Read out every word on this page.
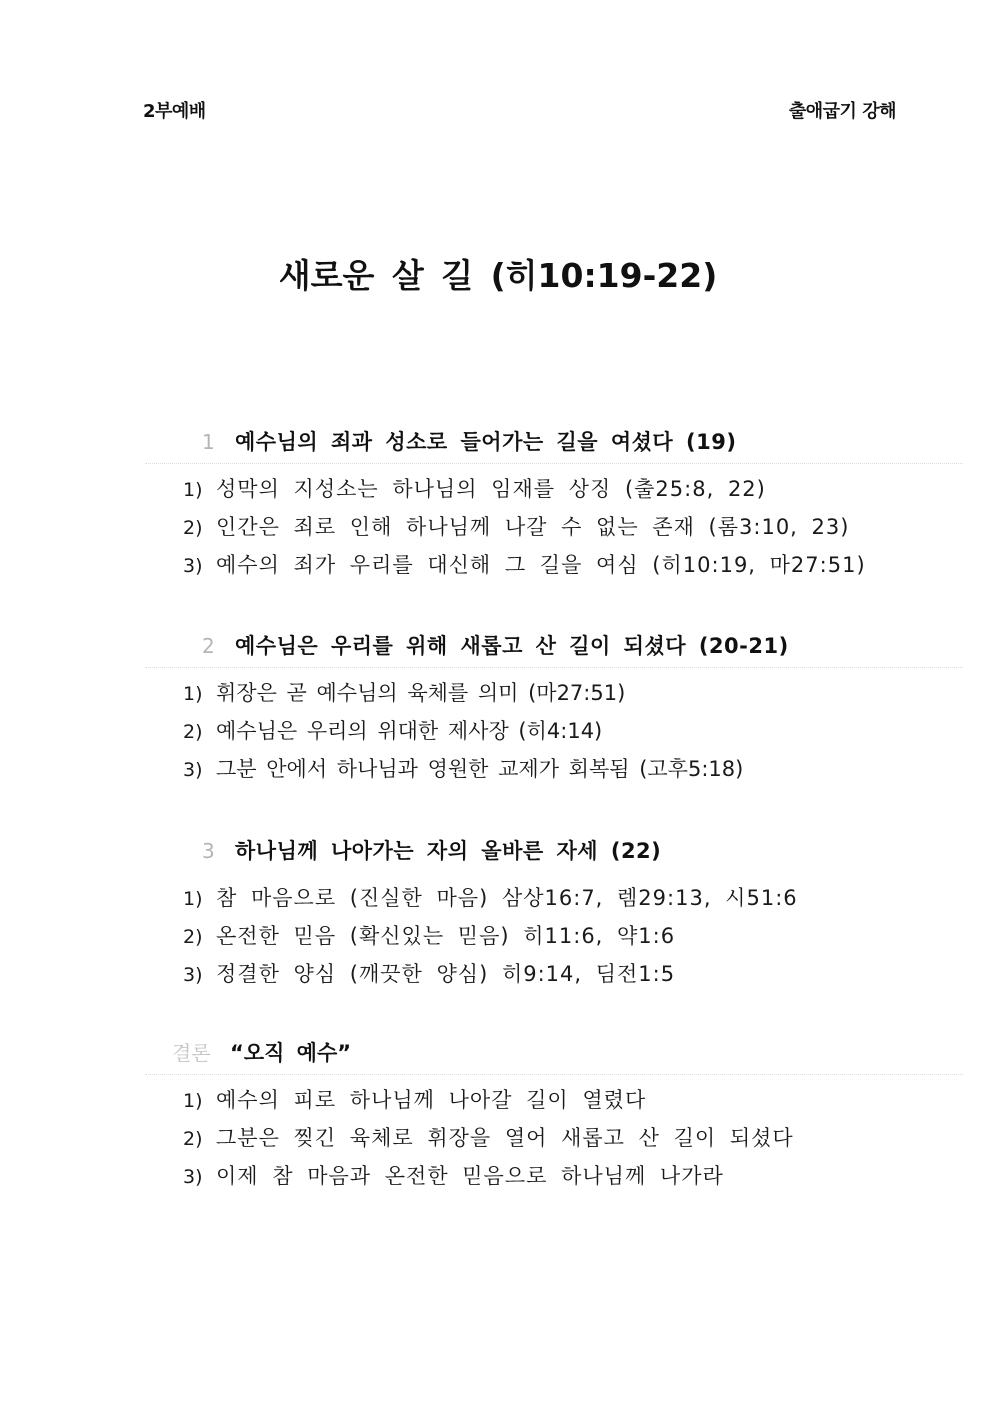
2부예배	출애굽기 강해
새로운 살 길 (히10:19-22)
1 예수님의 죄과 성소로 들어가는 길을 여셨다 (19)
1) 성막의 지성소는 하나님의 임재를 상징 (출25:8, 22)
2) 인간은 죄로 인해 하나님께 나갈 수 없는 존재 (롬3:10, 23)
3) 예수의 죄가 우리를 대신해 그 길을 여심 (히10:19, 마27:51)
2 예수님은 우리를 위해 새롭고 산 길이 되셨다 (20-21)
1) 휘장은 곧 예수님의 육체를 의미 (마27:51)
2) 예수님은 우리의 위대한 제사장 (히4:14)
3) 그분 안에서 하나님과 영원한 교제가 회복됨 (고후5:18)
3 하나님께 나아가는 자의 올바른 자세 (22)
1) 참 마음으로 (진실한 마음) 삼상16:7, 렘29:13, 시51:6
2) 온전한 믿음 (확신있는 믿음) 히11:6, 약1:6
3) 정결한 양심 (깨끗한 양심) 히9:14, 딤전1:5
결론 “오직 예수”
1) 예수의 피로 하나님께 나아갈 길이 열렸다
2) 그분은 찢긴 육체로 휘장을 열어 새롭고 산 길이 되셨다
3) 이제 참 마음과 온전한 믿음으로 하나님께 나가라
